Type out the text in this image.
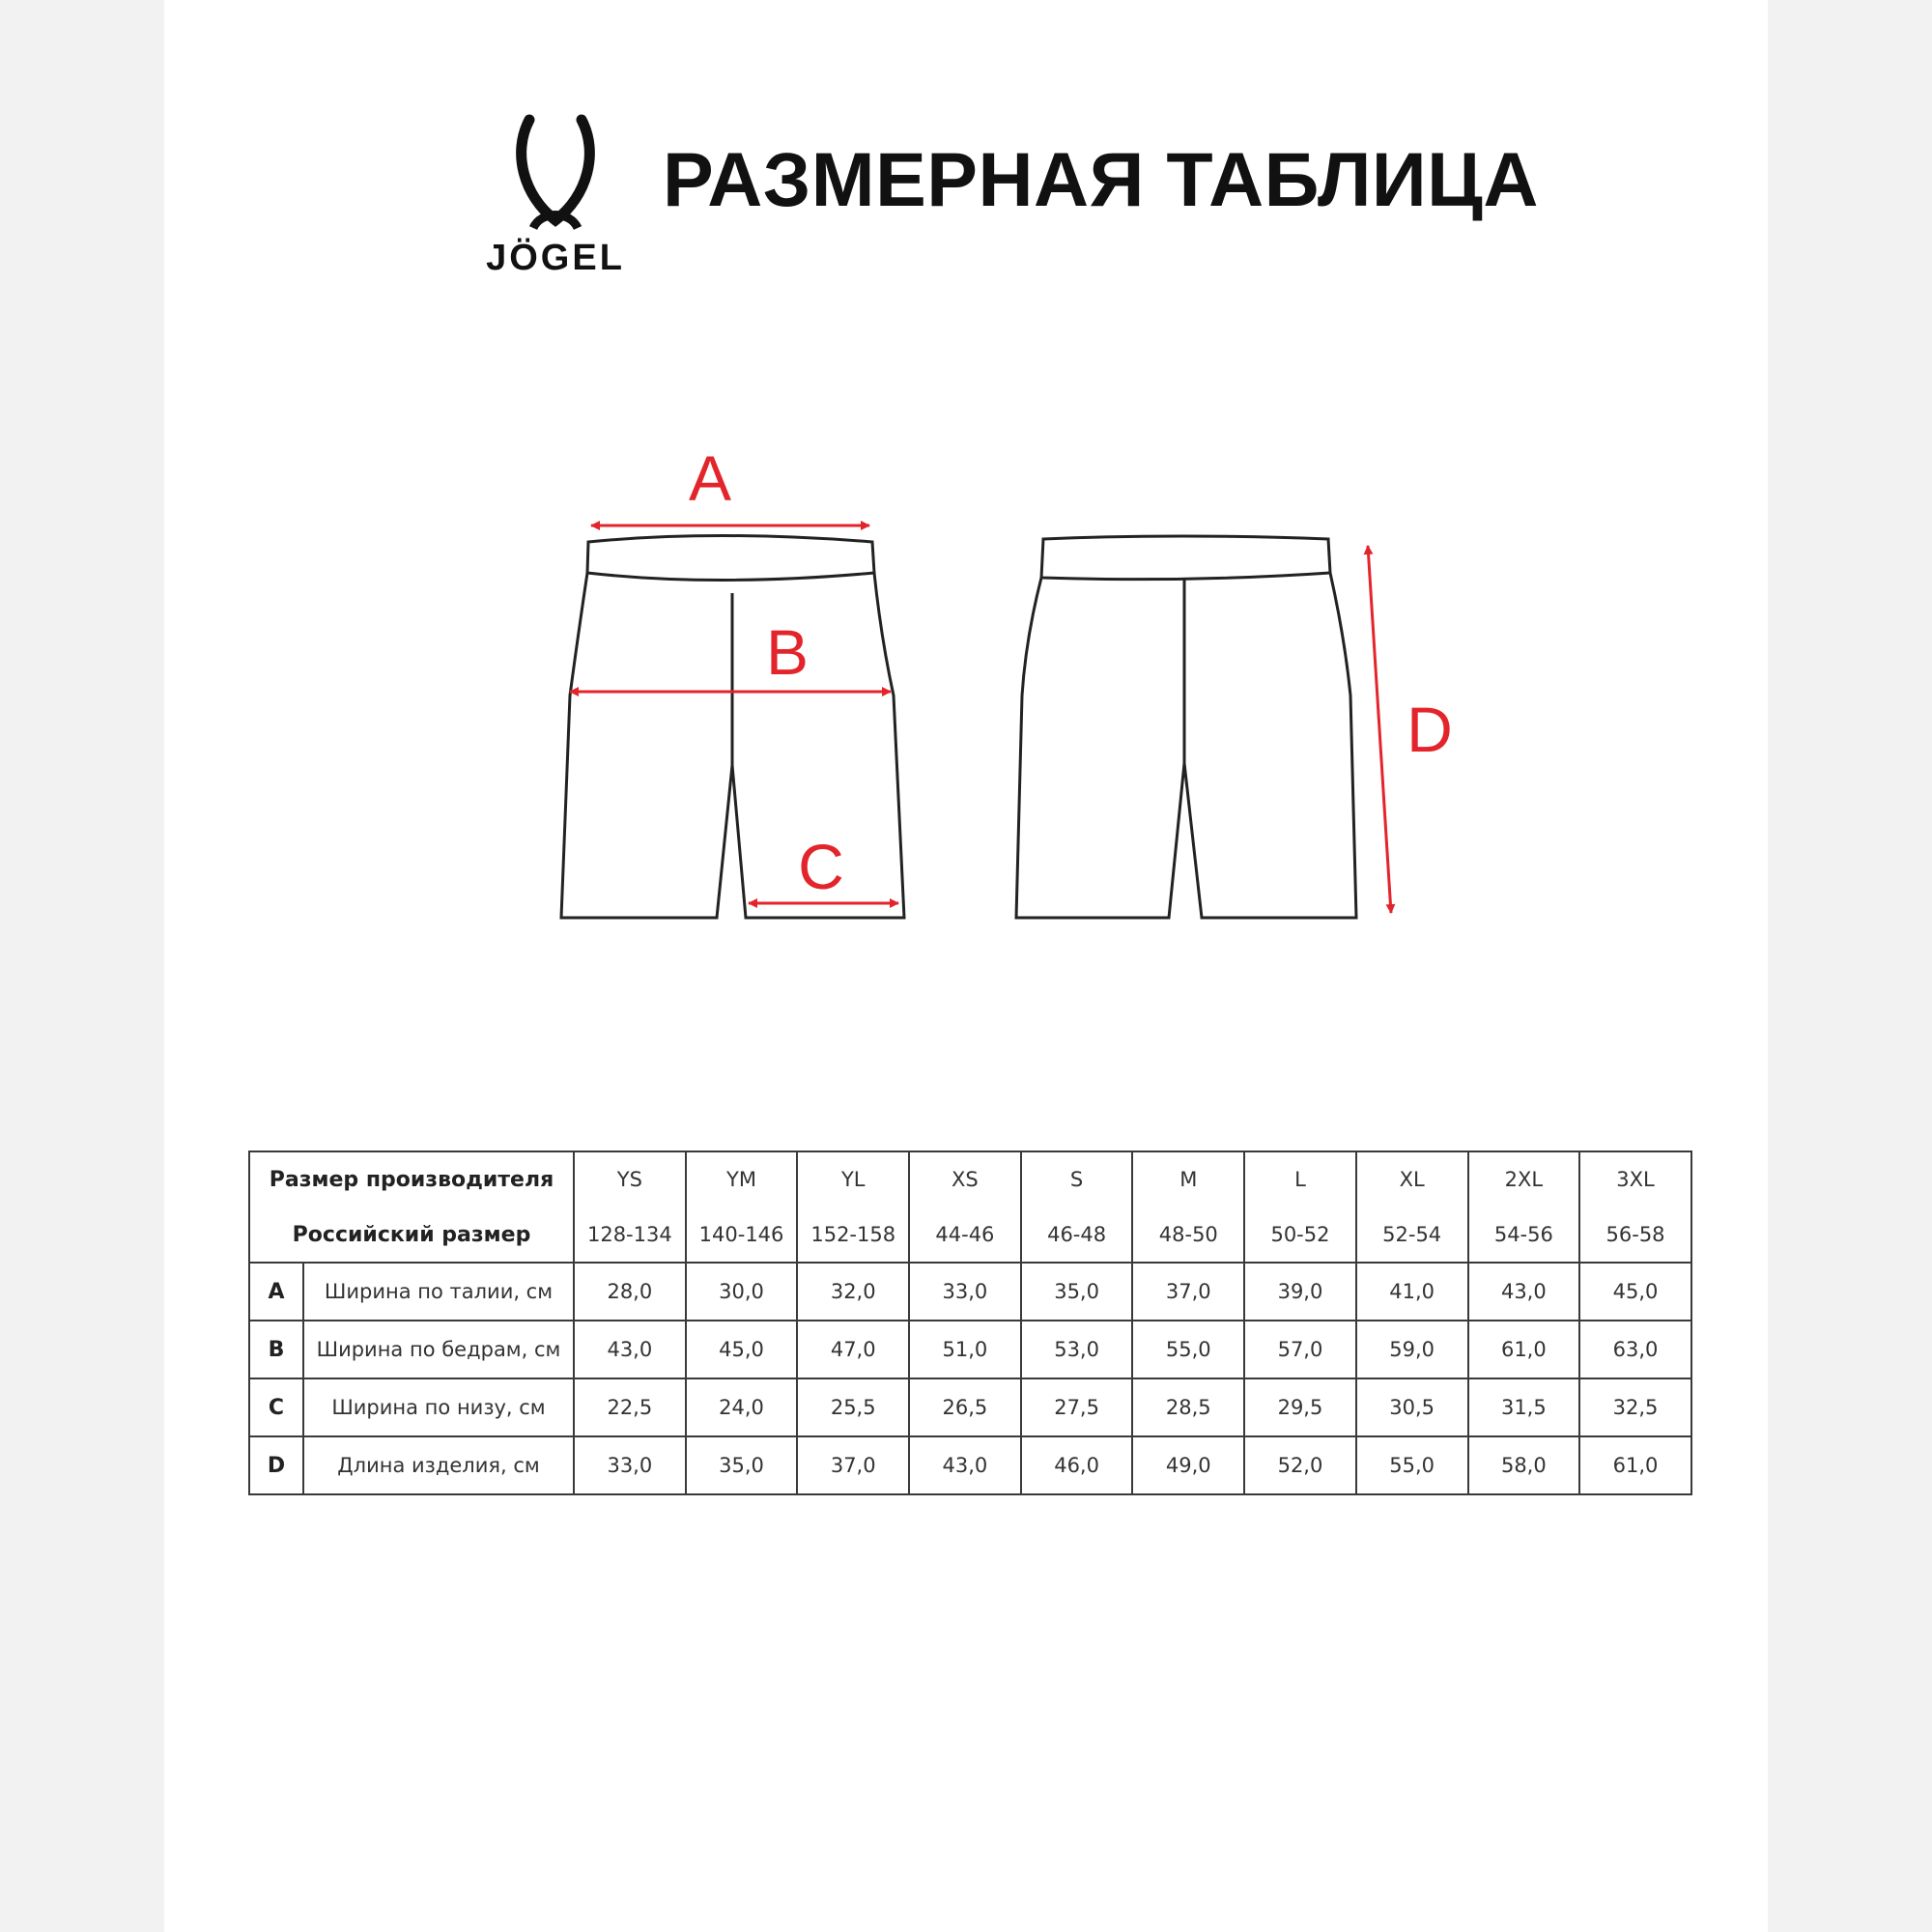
JÖGEL
РАЗМЕРНАЯ ТАБЛИЦА
A
B
C
D
Размер производителя		YS	YM	YL	XS	S	M	L	XL	2XL	3XL
Российский размер		128-134	140-146	152-158	44-46	46-48	48-50	50-52	52-54	54-56	56-58
A	Ширина по талии, см	28,0	30,0	32,0	33,0	35,0	37,0	39,0	41,0	43,0	45,0
B	Ширина по бедрам, см	43,0	45,0	47,0	51,0	53,0	55,0	57,0	59,0	61,0	63,0
C	Ширина по низу, см	22,5	24,0	25,5	26,5	27,5	28,5	29,5	30,5	31,5	32,5
D	Длина изделия, см	33,0	35,0	37,0	43,0	46,0	49,0	52,0	55,0	58,0	61,0
